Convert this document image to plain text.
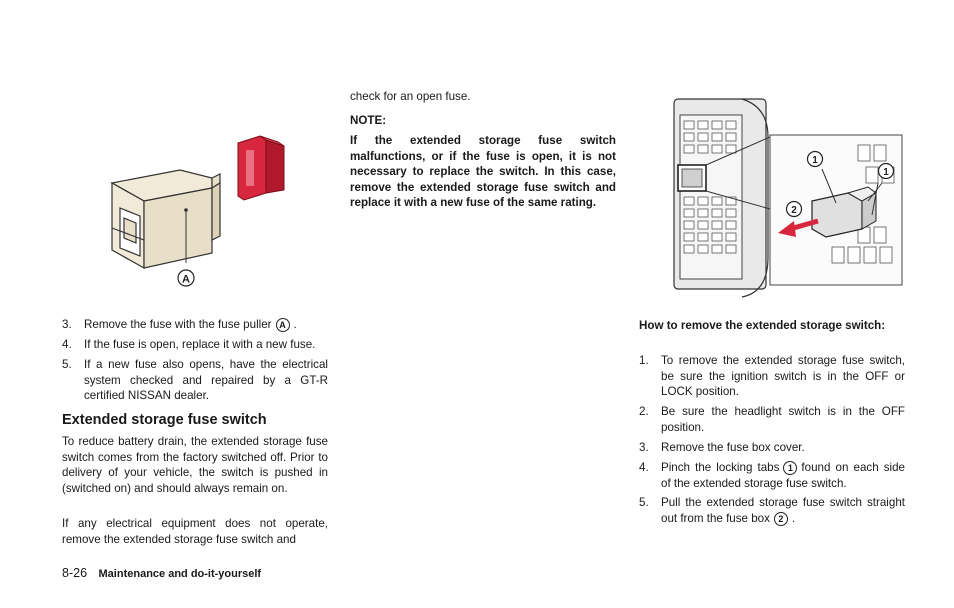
A
3. Remove the fuse with the fuse puller A .
4. If the fuse is open, replace it with a new fuse.
5. If a new fuse also opens, have the electrical system checked and repaired by a GT-R certified NISSAN dealer.
Extended storage fuse switch
To reduce battery drain, the extended storage fuse switch comes from the factory switched off. Prior to delivery of your vehicle, the switch is pushed in (switched on) and should always remain on.
If any electrical equipment does not operate, remove the extended storage fuse switch and
check for an open fuse.
NOTE:
If the extended storage fuse switch malfunctions, or if the fuse is open, it is not necessary to replace the switch. In this case, remove the extended storage fuse switch and replace it with a new fuse of the same rating.
1
1
1
2
How to remove the extended storage switch:
1. To remove the extended storage fuse switch, be sure the ignition switch is in the OFF or LOCK position.
2. Be sure the headlight switch is in the OFF position.
3. Remove the fuse box cover.
4. Pinch the locking tabs 1 found on each side of the extended storage fuse switch.
5. Pull the extended storage fuse switch straight out from the fuse box 2 .
8-26 Maintenance and do-it-yourself
